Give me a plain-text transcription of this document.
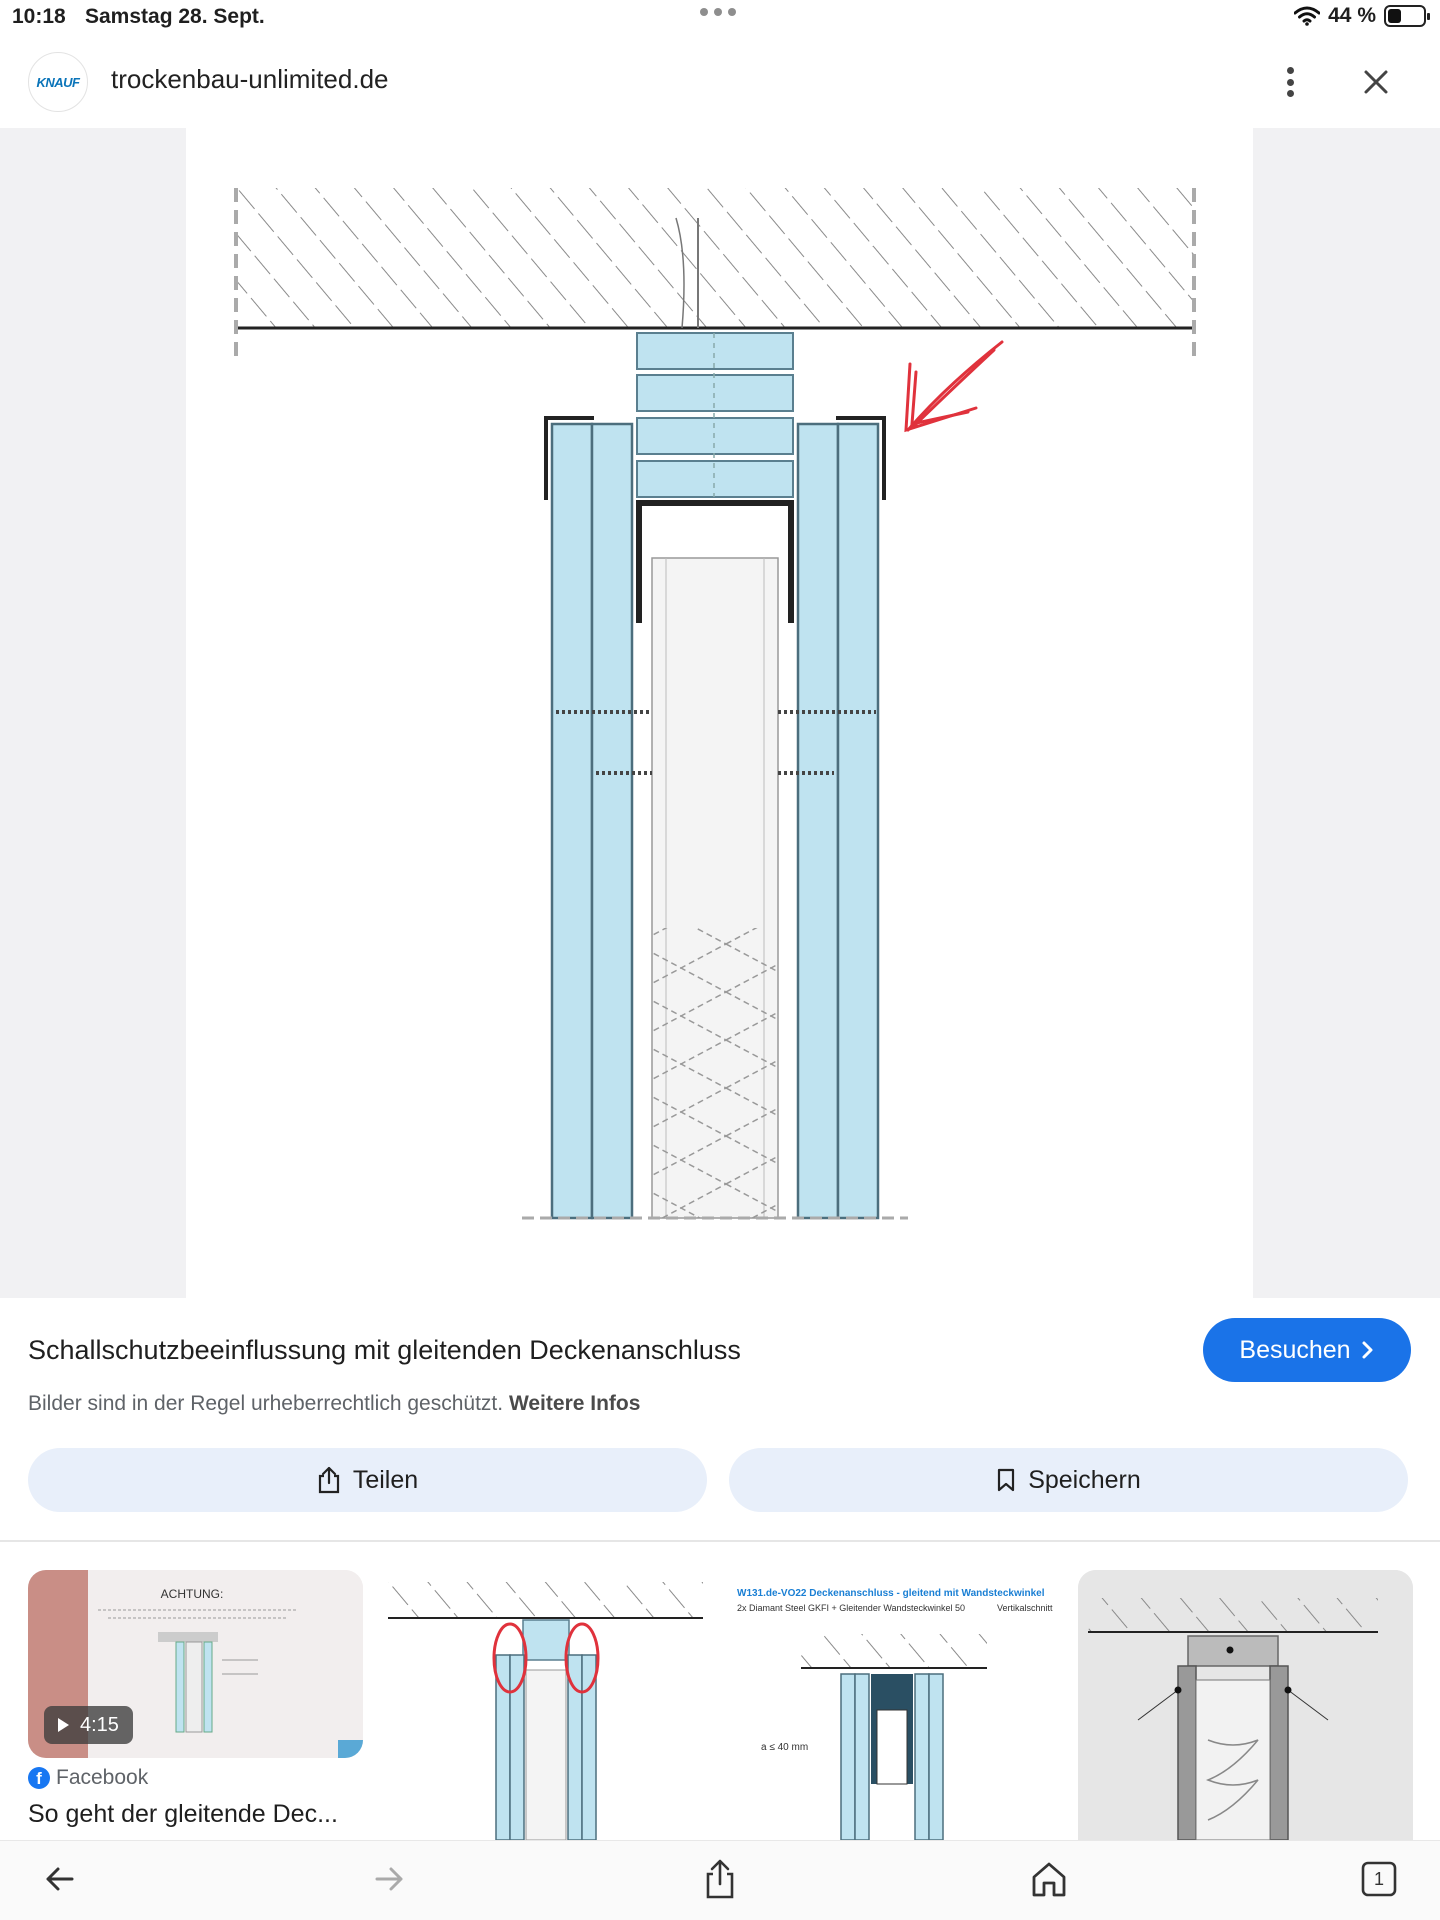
10:18 Samstag 28. Sept.	44 %
KNAUF trockenbau-unlimited.de
Schallschutzbeeinflussung mit gleitenden Deckenanschluss	Besuchen
Bilder sind in der Regel urheberrechtlich geschützt. Weitere Infos
Teilen	Speichern
ACHTUNG:
4:15
f Facebook
So geht der gleitende Dec...
W131.de-VO22 Deckenanschluss - gleitend mit Wandsteckwinkel
2x Diamant Steel GKFI + Gleitender Wandsteckwinkel 50	Vertikalschnitt
a ≤ 40 mm
1
